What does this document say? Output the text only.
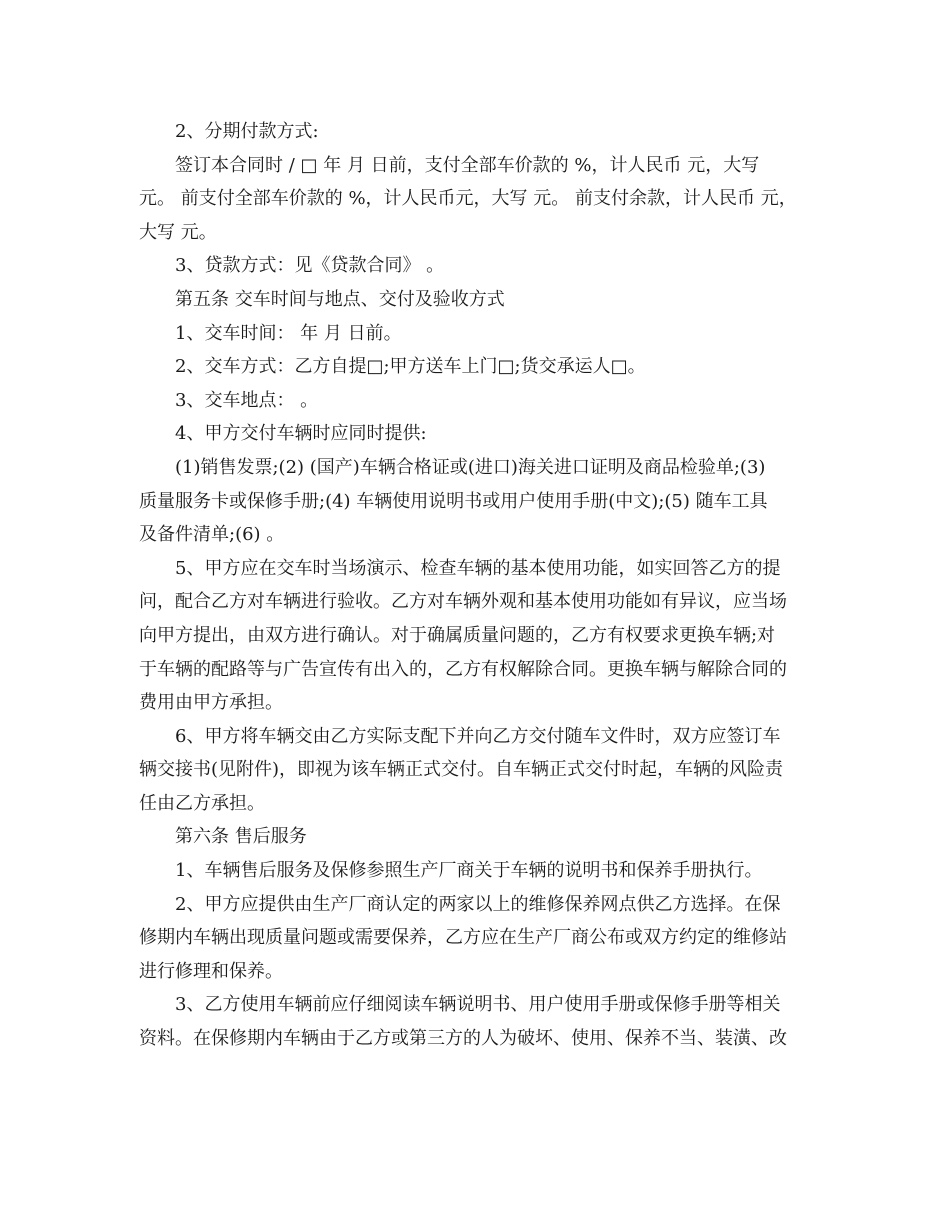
2、分期付款方式:

签订本合同时 / □ 年 月 日前，支付全部车价款的 %，计人民币 元，大写

元。 前支付全部车价款的 %，计人民币元，大写 元。 前支付余款，计人民币 元，

大写 元。

3、贷款方式：见《贷款合同》 。

第五条 交车时间与地点、交付及验收方式

1、交车时间： 年 月 日前。

2、交车方式：乙方自提□;甲方送车上门□;货交承运人□。

3、交车地点： 。

4、甲方交付车辆时应同时提供:

(1)销售发票;(2) (国产)车辆合格证或(进口)海关进口证明及商品检验单;(3)

质量服务卡或保修手册;(4) 车辆使用说明书或用户使用手册(中文);(5) 随车工具

及备件清单;(6) 。

5、甲方应在交车时当场演示、检查车辆的基本使用功能，如实回答乙方的提

问，配合乙方对车辆进行验收。乙方对车辆外观和基本使用功能如有异议，应当场

向甲方提出，由双方进行确认。对于确属质量问题的，乙方有权要求更换车辆;对

于车辆的配路等与广告宣传有出入的，乙方有权解除合同。更换车辆与解除合同的

费用由甲方承担。

6、甲方将车辆交由乙方实际支配下并向乙方交付随车文件时，双方应签订车

辆交接书(见附件)，即视为该车辆正式交付。自车辆正式交付时起，车辆的风险责

任由乙方承担。

第六条 售后服务

1、车辆售后服务及保修参照生产厂商关于车辆的说明书和保养手册执行。

2、甲方应提供由生产厂商认定的两家以上的维修保养网点供乙方选择。在保

修期内车辆出现质量问题或需要保养，乙方应在生产厂商公布或双方约定的维修站

进行修理和保养。

3、乙方使用车辆前应仔细阅读车辆说明书、用户使用手册或保修手册等相关

资料。在保修期内车辆由于乙方或第三方的人为破坏、使用、保养不当、装潢、改
